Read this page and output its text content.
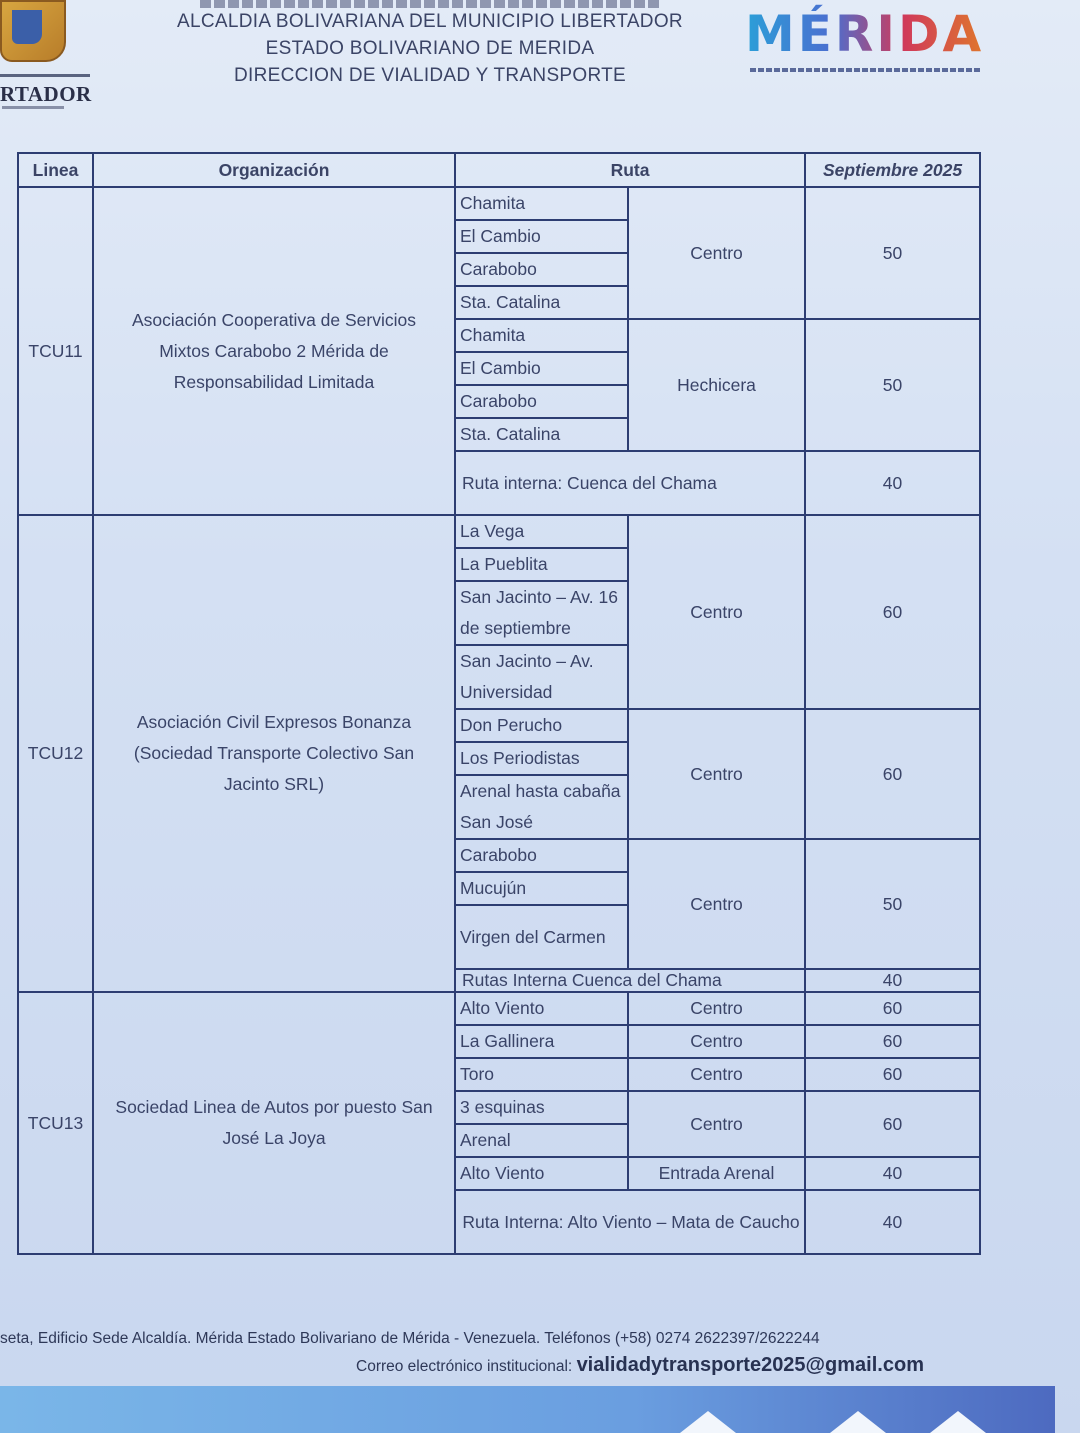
RTADOR
ALCALDIA BOLIVARIANA DEL MUNICIPIO LIBERTADOR
ESTADO BOLIVARIANO DE MERIDA
DIRECCION DE VIALIDAD Y TRANSPORTE
MÉRIDA
Linea	Organización	Ruta		Septiembre 2025
TCU11	Asociación Cooperativa de Servicios Mixtos Carabobo 2 Mérida de Responsabilidad Limitada	Chamita	Centro	50
		El Cambio		
		Carabobo		
		Sta. Catalina		
		Chamita	Hechicera	50
		El Cambio		
		Carabobo		
		Sta. Catalina		
		Ruta interna: Cuenca del Chama		40
TCU12	Asociación Civil Expresos Bonanza (Sociedad Transporte Colectivo San Jacinto SRL)	La Vega	Centro	60
		La Pueblita		
		San Jacinto – Av. 16 de septiembre		
		San Jacinto – Av. Universidad		
		Don Perucho	Centro	60
		Los Periodistas		
		Arenal hasta cabaña San José		
		Carabobo	Centro	50
		Mucujún		
		Virgen del Carmen		
		Rutas Interna Cuenca del Chama		40
TCU13	Sociedad Linea de Autos por puesto San José La Joya	Alto Viento	Centro	60
		La Gallinera	Centro	60
		Toro	Centro	60
		3 esquinas	Centro	60
		Arenal		
		Alto Viento	Entrada Arenal	40
		Ruta Interna: Alto Viento – Mata de Caucho		40
seta, Edificio Sede Alcaldía. Mérida Estado Bolivariano de Mérida - Venezuela. Teléfonos (+58) 0274 2622397/2622244
Correo electrónico institucional: vialidadytransporte2025@gmail.com
